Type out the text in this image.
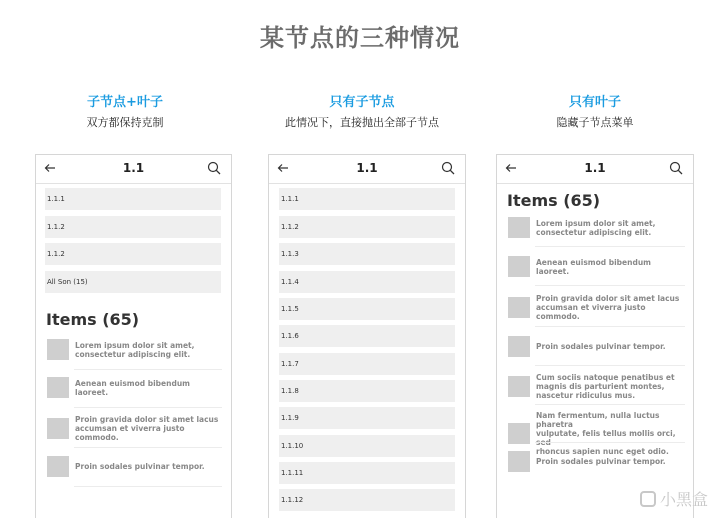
某节点的三种情况
子节点+叶子
双方都保持克制
只有子节点
此情况下，直接抛出全部子节点
只有叶子
隐藏子节点菜单
1.1
1.1.1
1.1.2
1.1.2
All Son (15)
Items (65)
Lorem ipsum dolor sit amet,
consectetur adipiscing elit.
Aenean euismod bibendum laoreet.
Proin gravida dolor sit amet lacus
accumsan et viverra justo commodo.
Proin sodales pulvinar tempor.
1.1
1.1.1
1.1.2
1.1.3
1.1.4
1.1.5
1.1.6
1.1.7
1.1.8
1.1.9
1.1.10
1.1.11
1.1.12
1.1
Items (65)
Lorem ipsum dolor sit amet,
consectetur adipiscing elit.
Aenean euismod bibendum laoreet.
Proin gravida dolor sit amet lacus
accumsan et viverra justo commodo.
Proin sodales pulvinar tempor.
Cum sociis natoque penatibus et
magnis dis parturient montes,
nascetur ridiculus mus.
Nam fermentum, nulla luctus pharetra
vulputate, felis tellus mollis orci,
rhoncus sapien nunc eget odio.
Proin sodales pulvinar tempor.
小黑盒
